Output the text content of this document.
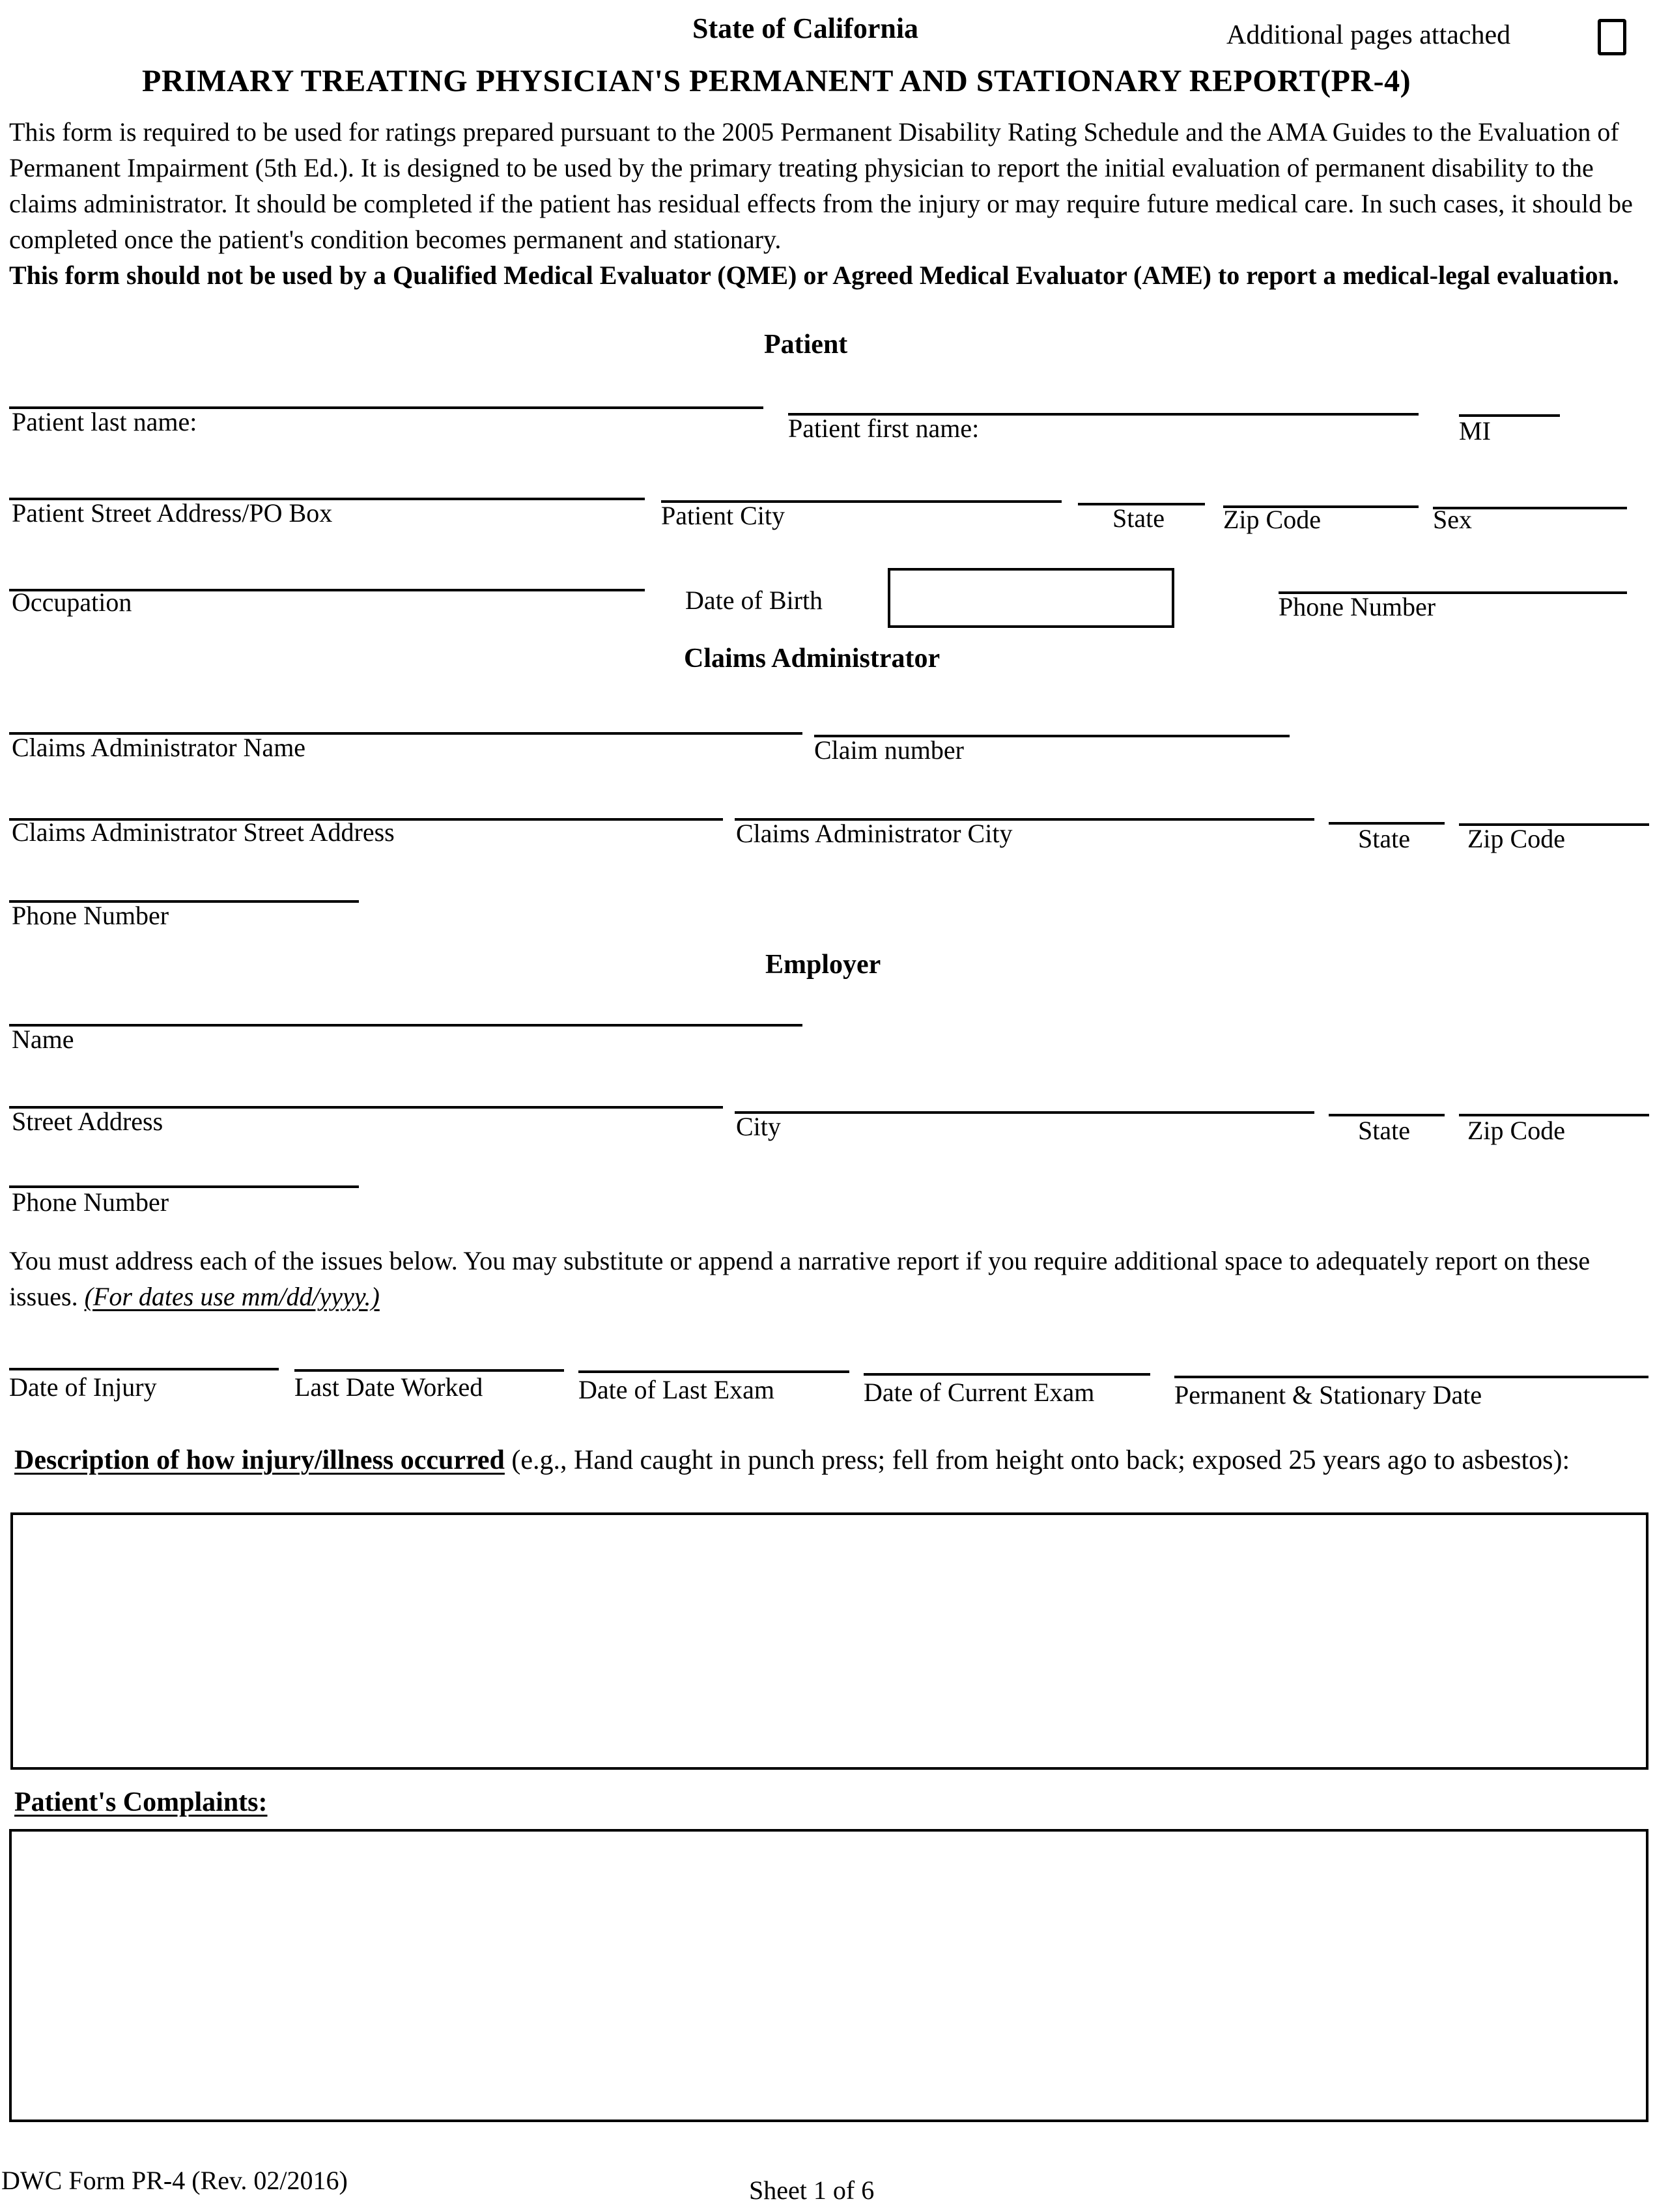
State of California	Additional pages attached
PRIMARY TREATING PHYSICIAN'S PERMANENT AND STATIONARY REPORT(PR-4)
This form is required to be used for ratings prepared pursuant to the 2005 Permanent Disability Rating Schedule and the AMA Guides to the Evaluation of Permanent Impairment (5th Ed.). It is designed to be used by the primary treating physician to report the initial evaluation of permanent disability to the claims administrator. It should be completed if the patient has residual effects from the injury or may require future medical care. In such cases, it should be completed once the patient's condition becomes permanent and stationary.
This form should not be used by a Qualified Medical Evaluator (QME) or Agreed Medical Evaluator (AME) to report a medical-legal evaluation.
Patient
Patient last name:	Patient first name:	MI
Patient Street Address/PO Box	Patient City	State Zip Code	Sex
Occupation	Date of Birth	Phone Number
Claims Administrator
Claims Administrator Name	Claim number
Claims Administrator Street Address	Claims Administrator City	State Zip Code
Phone Number
Employer
Name
Street Address	City	State Zip Code
Phone Number
You must address each of the issues below. You may substitute or append a narrative report if you require additional space to adequately report on these issues. (For dates use mm/dd/yyyy.)
Date of Injury	Last Date Worked	Date of Last Exam	Date of Current Exam	Permanent & Stationary Date
Description of how injury/illness occurred (e.g., Hand caught in punch press; fell from height onto back; exposed 25 years ago to asbestos):
Patient's Complaints:
DWC Form PR-4 (Rev. 02/2016)	Sheet 1 of 6
